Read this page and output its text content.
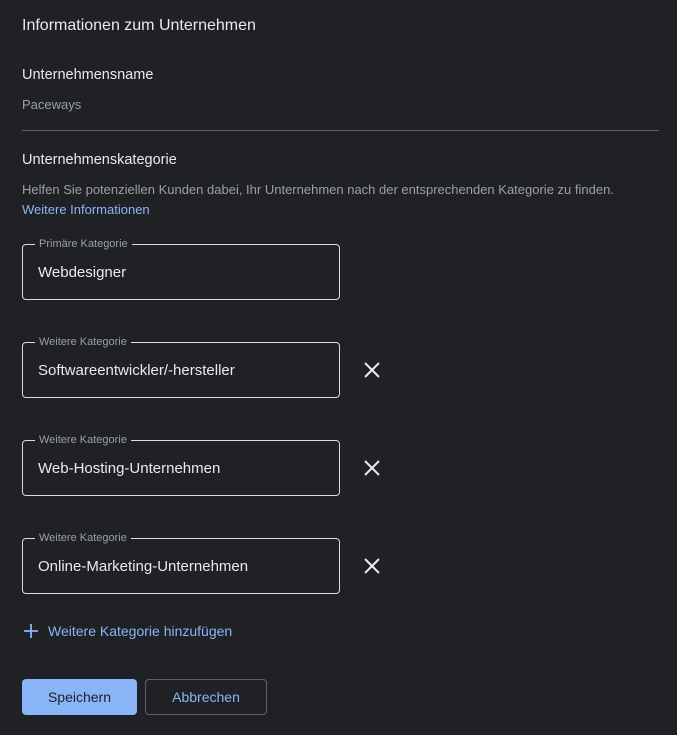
Informationen zum Unternehmen
Unternehmensname
Paceways
Unternehmenskategorie
Helfen Sie potenziellen Kunden dabei, Ihr Unternehmen nach der entsprechenden Kategorie zu finden. Weitere Informationen
Primäre Kategorie
Webdesigner
Weitere Kategorie
Softwareentwickler/-hersteller
Weitere Kategorie
Web-Hosting-Unternehmen
Weitere Kategorie
Online-Marketing-Unternehmen
Weitere Kategorie hinzufügen
Speichern	Abbrechen
